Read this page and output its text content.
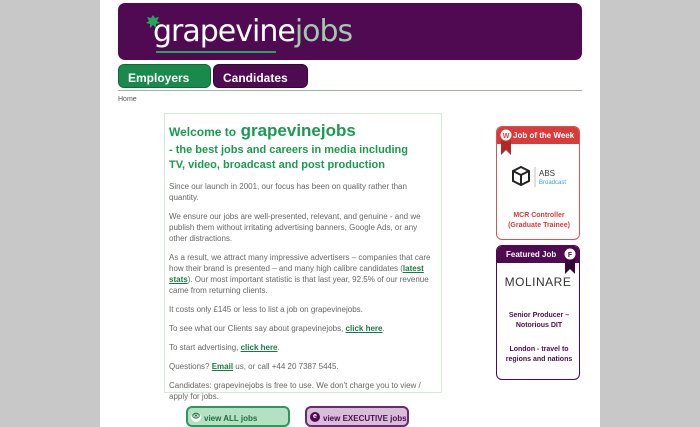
grapevinejobs
Employers	Candidates
Home
Welcome to grapevinejobs
- the best jobs and careers in media including TV, video, broadcast and post production
Since our launch in 2001, our focus has been on quality rather than quantity.
We ensure our jobs are well-presented, relevant, and genuine - and we publish them without irritating advertising banners, Google Ads, or any other distractions.
As a result, we attract many impressive advertisers – companies that care how their brand is presented – and many high calibre candidates (latest stats). Our most important statistic is that last year, 92.5% of our revenue came from returning clients.
It costs only £145 or less to list a job on grapevinejobs.
To see what our Clients say about grapevinejobs, click here.
To start advertising, click here.
Questions? Email us, or call +44 20 7387 5445.
Candidates: grapevinejobs is free to use. We don't charge you to view / apply for jobs.
👁 view ALL jobs	e view EXECUTIVE jobs
Job of the Week
W
ABS
Broadcast
MCR Controller (Graduate Trainee)
Featured Job	F
MOLINARE
Senior Producer – Notorious DIT
London - travel to regions and nations
